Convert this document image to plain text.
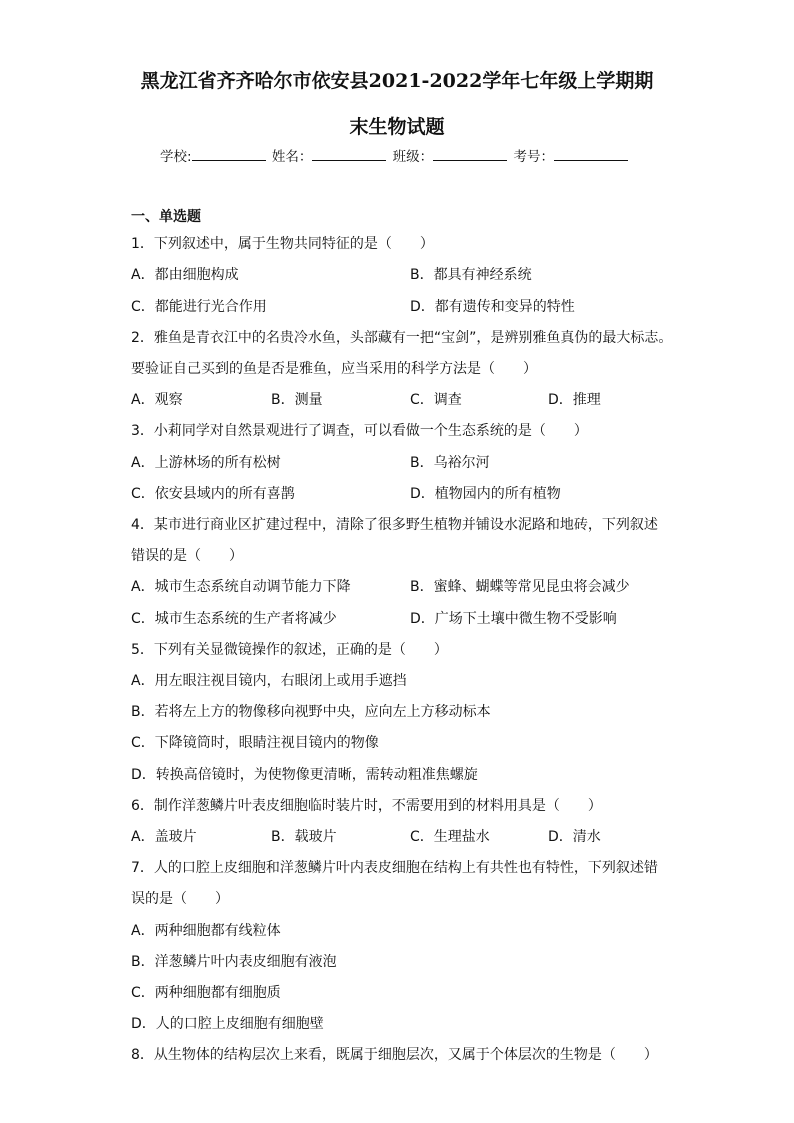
黑龙江省齐齐哈尔市依安县2021-2022学年七年级上学期期
末生物试题
学校:	姓名：	班级：	考号：
一、单选题
1．下列叙述中，属于生物共同特征的是（　　）
A．都由细胞构成	B．都具有神经系统
C．都能进行光合作用	D．都有遗传和变异的特性
2．雅鱼是青衣江中的名贵冷水鱼，头部藏有一把“宝剑”，是辨别雅鱼真伪的最大标志。
要验证自己买到的鱼是否是雅鱼，应当采用的科学方法是（　　）
A．观察	B．测量	C．调查	D．推理
3．小莉同学对自然景观进行了调查，可以看做一个生态系统的是（　　）
A．上游林场的所有松树	B．乌裕尔河
C．依安县域内的所有喜鹊	D．植物园内的所有植物
4．某市进行商业区扩建过程中，清除了很多野生植物并铺设水泥路和地砖，下列叙述
错误的是（　　）
A．城市生态系统自动调节能力下降	B．蜜蜂、蝴蝶等常见昆虫将会减少
C．城市生态系统的生产者将减少	D．广场下土壤中微生物不受影响
5．下列有关显微镜操作的叙述，正确的是（　　）
A．用左眼注视目镜内，右眼闭上或用手遮挡
B．若将左上方的物像移向视野中央，应向左上方移动标本
C．下降镜筒时，眼睛注视目镜内的物像
D．转换高倍镜时，为使物像更清晰，需转动粗准焦螺旋
6．制作洋葱鳞片叶表皮细胞临时装片时，不需要用到的材料用具是（　　）
A．盖玻片	B．载玻片	C．生理盐水	D．清水
7．人的口腔上皮细胞和洋葱鳞片叶内表皮细胞在结构上有共性也有特性，下列叙述错
误的是（　　）
A．两种细胞都有线粒体
B．洋葱鳞片叶内表皮细胞有液泡
C．两种细胞都有细胞质
D．人的口腔上皮细胞有细胞壁
8．从生物体的结构层次上来看，既属于细胞层次，又属于个体层次的生物是（　　）
